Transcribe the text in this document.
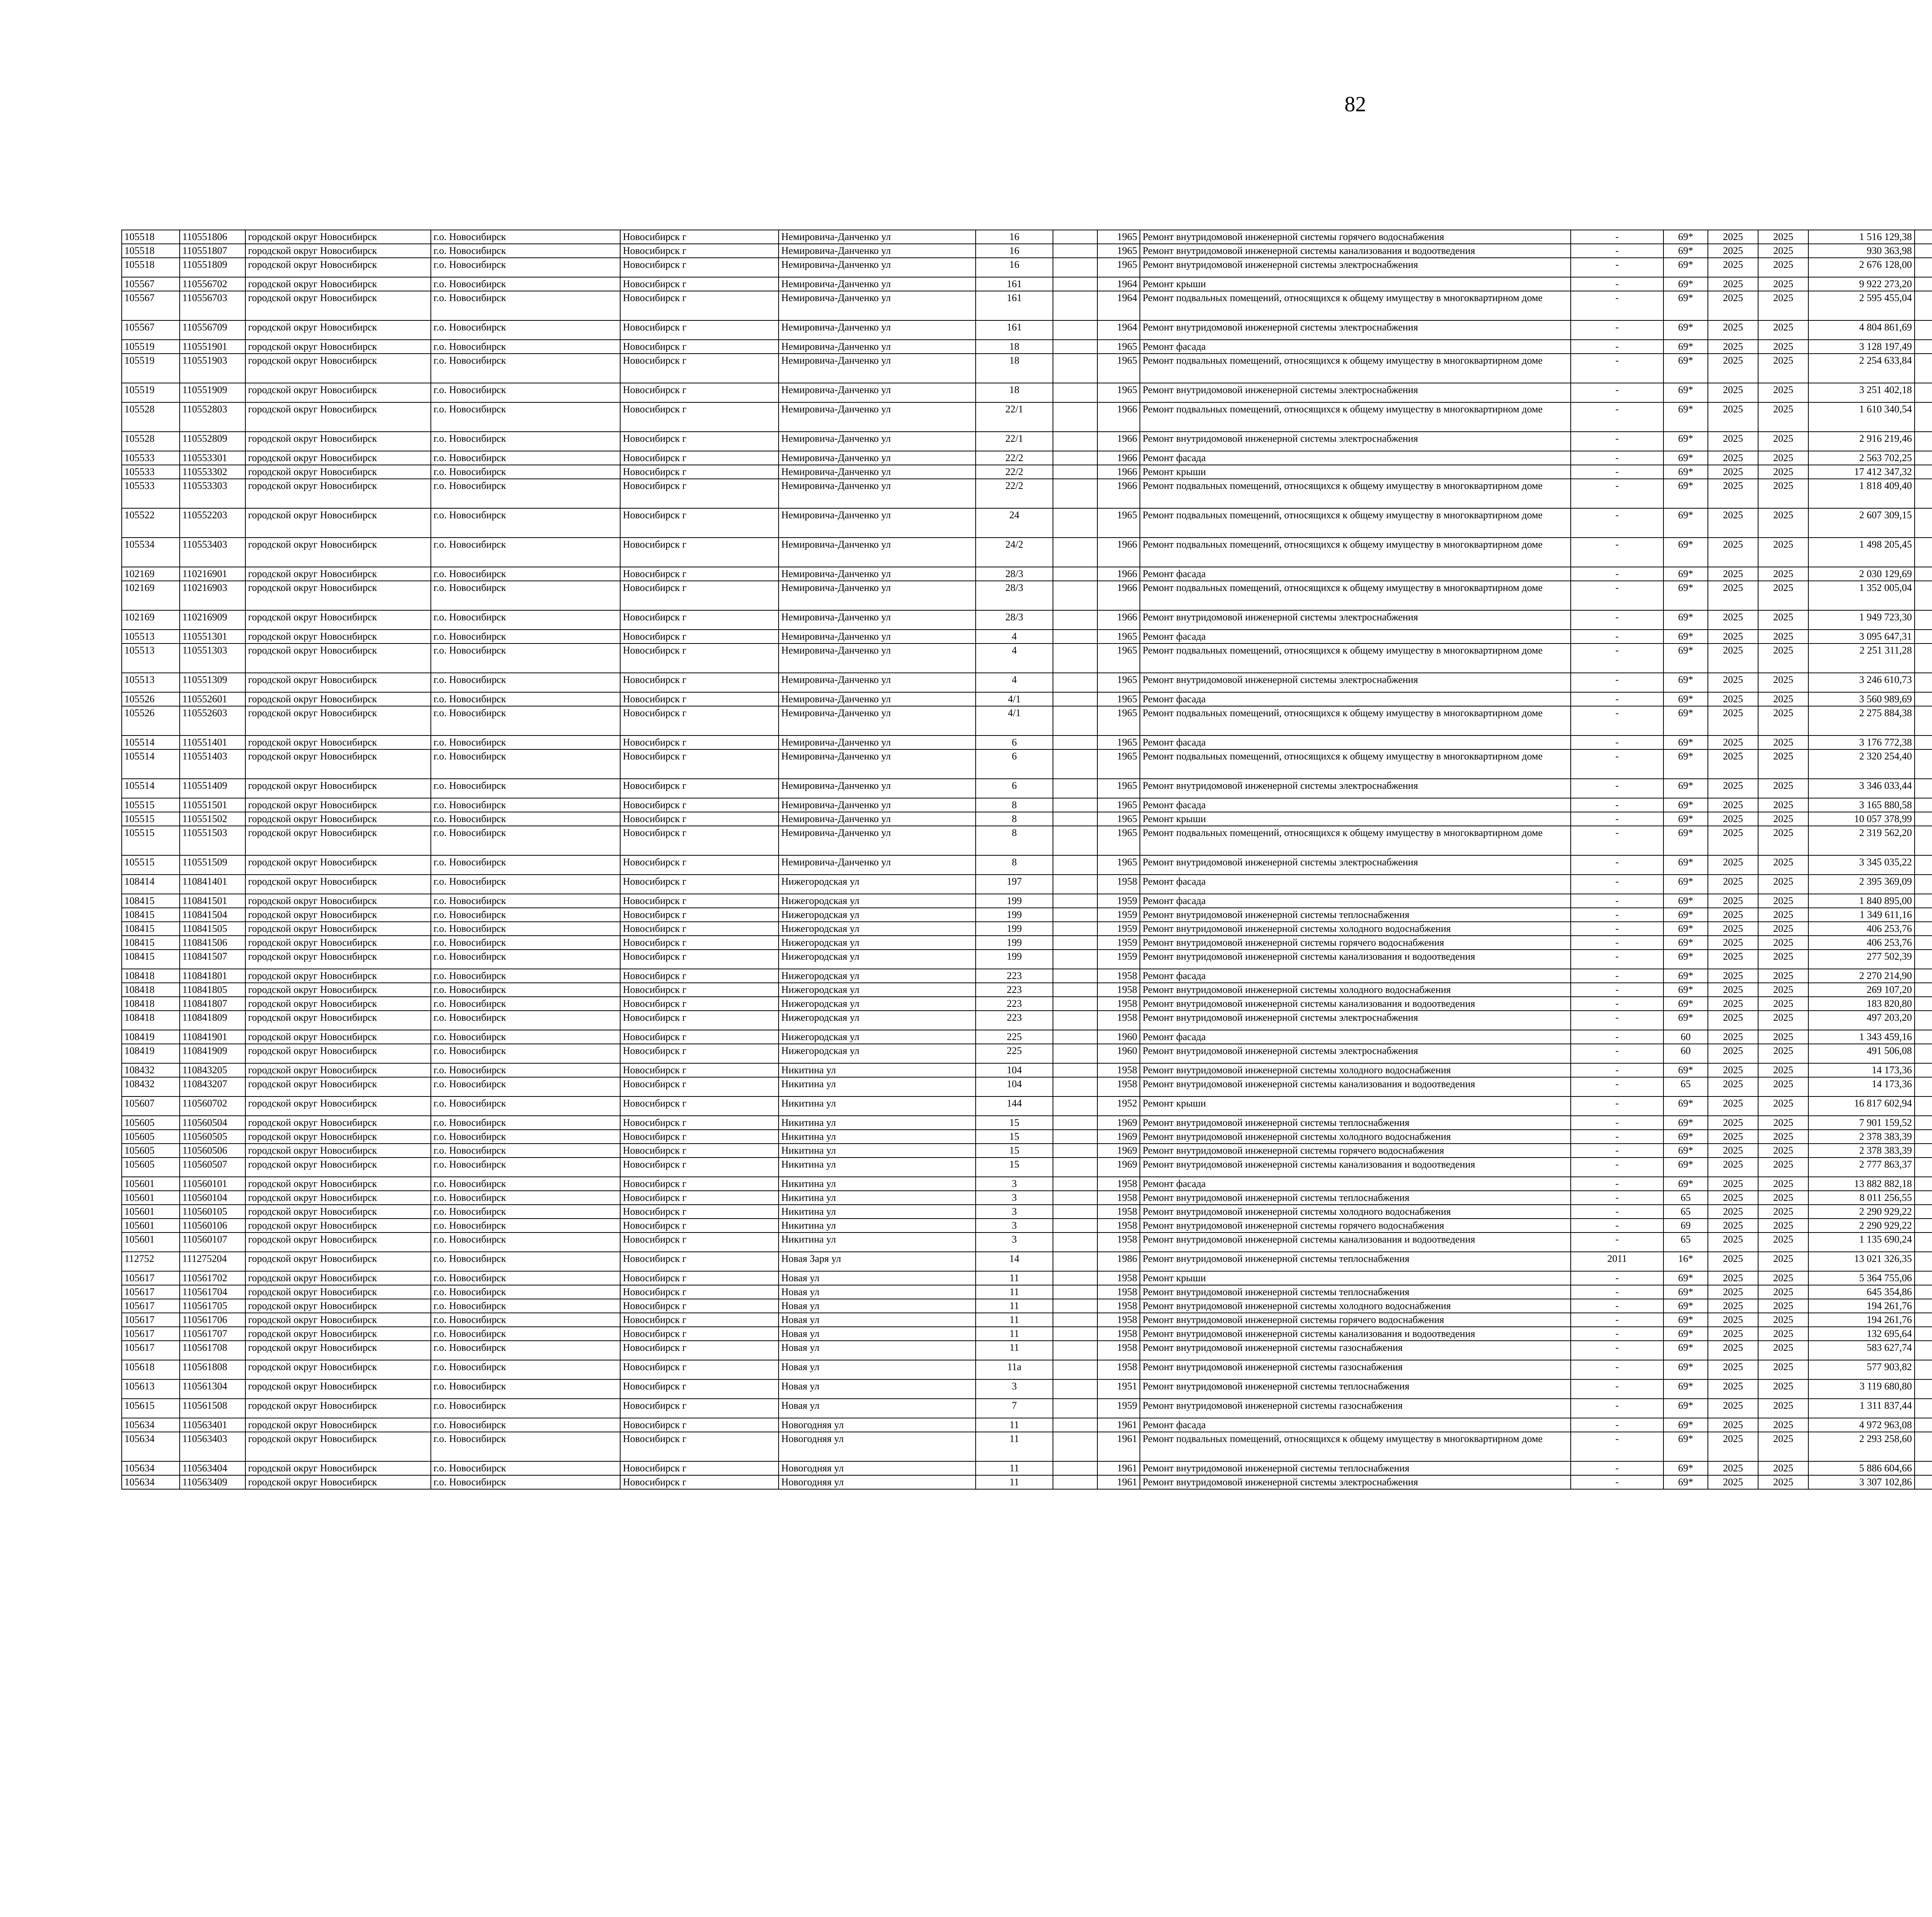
82
105518	110551806	городской округ Новосибирск	г.о. Новосибирск	Новосибирск г	Немировича-Данченко ул	16		1965	Ремонт внутридомовой инженерной системы горячего водоснабжения	-	69*	2025	2025	1 516 129,38						
105518	110551807	городской округ Новосибирск	г.о. Новосибирск	Новосибирск г	Немировича-Данченко ул	16		1965	Ремонт внутридомовой инженерной системы канализования и водоотведения	-	69*	2025	2025	930 363,98						
105518	110551809	городской округ Новосибирск	г.о. Новосибирск	Новосибирск г	Немировича-Данченко ул	16		1965	Ремонт внутридомовой инженерной системы электроснабжения	-	69*	2025	2025	2 676 128,00						
105567	110556702	городской округ Новосибирск	г.о. Новосибирск	Новосибирск г	Немировича-Данченко ул	161		1964	Ремонт крыши	-	69*	2025	2025	9 922 273,20						
105567	110556703	городской округ Новосибирск	г.о. Новосибирск	Новосибирск г	Немировича-Данченко ул	161		1964	Ремонт подвальных помещений, относящихся к общему имуществу в многоквартирном доме	-	69*	2025	2025	2 595 455,04						
105567	110556709	городской округ Новосибирск	г.о. Новосибирск	Новосибирск г	Немировича-Данченко ул	161		1964	Ремонт внутридомовой инженерной системы электроснабжения	-	69*	2025	2025	4 804 861,69						
105519	110551901	городской округ Новосибирск	г.о. Новосибирск	Новосибирск г	Немировича-Данченко ул	18		1965	Ремонт фасада	-	69*	2025	2025	3 128 197,49						
105519	110551903	городской округ Новосибирск	г.о. Новосибирск	Новосибирск г	Немировича-Данченко ул	18		1965	Ремонт подвальных помещений, относящихся к общему имуществу в многоквартирном доме	-	69*	2025	2025	2 254 633,84						
105519	110551909	городской округ Новосибирск	г.о. Новосибирск	Новосибирск г	Немировича-Данченко ул	18		1965	Ремонт внутридомовой инженерной системы электроснабжения	-	69*	2025	2025	3 251 402,18						
105528	110552803	городской округ Новосибирск	г.о. Новосибирск	Новосибирск г	Немировича-Данченко ул	22/1		1966	Ремонт подвальных помещений, относящихся к общему имуществу в многоквартирном доме	-	69*	2025	2025	1 610 340,54						
105528	110552809	городской округ Новосибирск	г.о. Новосибирск	Новосибирск г	Немировича-Данченко ул	22/1		1966	Ремонт внутридомовой инженерной системы электроснабжения	-	69*	2025	2025	2 916 219,46						
105533	110553301	городской округ Новосибирск	г.о. Новосибирск	Новосибирск г	Немировича-Данченко ул	22/2		1966	Ремонт фасада	-	69*	2025	2025	2 563 702,25						
105533	110553302	городской округ Новосибирск	г.о. Новосибирск	Новосибирск г	Немировича-Данченко ул	22/2		1966	Ремонт крыши	-	69*	2025	2025	17 412 347,32						
105533	110553303	городской округ Новосибирск	г.о. Новосибирск	Новосибирск г	Немировича-Данченко ул	22/2		1966	Ремонт подвальных помещений, относящихся к общему имуществу в многоквартирном доме	-	69*	2025	2025	1 818 409,40						
105522	110552203	городской округ Новосибирск	г.о. Новосибирск	Новосибирск г	Немировича-Данченко ул	24		1965	Ремонт подвальных помещений, относящихся к общему имуществу в многоквартирном доме	-	69*	2025	2025	2 607 309,15						
105534	110553403	городской округ Новосибирск	г.о. Новосибирск	Новосибирск г	Немировича-Данченко ул	24/2		1966	Ремонт подвальных помещений, относящихся к общему имуществу в многоквартирном доме	-	69*	2025	2025	1 498 205,45						
102169	110216901	городской округ Новосибирск	г.о. Новосибирск	Новосибирск г	Немировича-Данченко ул	28/3		1966	Ремонт фасада	-	69*	2025	2025	2 030 129,69						
102169	110216903	городской округ Новосибирск	г.о. Новосибирск	Новосибирск г	Немировича-Данченко ул	28/3		1966	Ремонт подвальных помещений, относящихся к общему имуществу в многоквартирном доме	-	69*	2025	2025	1 352 005,04						
102169	110216909	городской округ Новосибирск	г.о. Новосибирск	Новосибирск г	Немировича-Данченко ул	28/3		1966	Ремонт внутридомовой инженерной системы электроснабжения	-	69*	2025	2025	1 949 723,30						
105513	110551301	городской округ Новосибирск	г.о. Новосибирск	Новосибирск г	Немировича-Данченко ул	4		1965	Ремонт фасада	-	69*	2025	2025	3 095 647,31						
105513	110551303	городской округ Новосибирск	г.о. Новосибирск	Новосибирск г	Немировича-Данченко ул	4		1965	Ремонт подвальных помещений, относящихся к общему имуществу в многоквартирном доме	-	69*	2025	2025	2 251 311,28						
105513	110551309	городской округ Новосибирск	г.о. Новосибирск	Новосибирск г	Немировича-Данченко ул	4		1965	Ремонт внутридомовой инженерной системы электроснабжения	-	69*	2025	2025	3 246 610,73						
105526	110552601	городской округ Новосибирск	г.о. Новосибирск	Новосибирск г	Немировича-Данченко ул	4/1		1965	Ремонт фасада	-	69*	2025	2025	3 560 989,69						
105526	110552603	городской округ Новосибирск	г.о. Новосибирск	Новосибирск г	Немировича-Данченко ул	4/1		1965	Ремонт подвальных помещений, относящихся к общему имуществу в многоквартирном доме	-	69*	2025	2025	2 275 884,38						
105514	110551401	городской округ Новосибирск	г.о. Новосибирск	Новосибирск г	Немировича-Данченко ул	6		1965	Ремонт фасада	-	69*	2025	2025	3 176 772,38						
105514	110551403	городской округ Новосибирск	г.о. Новосибирск	Новосибирск г	Немировича-Данченко ул	6		1965	Ремонт подвальных помещений, относящихся к общему имуществу в многоквартирном доме	-	69*	2025	2025	2 320 254,40						
105514	110551409	городской округ Новосибирск	г.о. Новосибирск	Новосибирск г	Немировича-Данченко ул	6		1965	Ремонт внутридомовой инженерной системы электроснабжения	-	69*	2025	2025	3 346 033,44						
105515	110551501	городской округ Новосибирск	г.о. Новосибирск	Новосибирск г	Немировича-Данченко ул	8		1965	Ремонт фасада	-	69*	2025	2025	3 165 880,58						
105515	110551502	городской округ Новосибирск	г.о. Новосибирск	Новосибирск г	Немировича-Данченко ул	8		1965	Ремонт крыши	-	69*	2025	2025	10 057 378,99						
105515	110551503	городской округ Новосибирск	г.о. Новосибирск	Новосибирск г	Немировича-Данченко ул	8		1965	Ремонт подвальных помещений, относящихся к общему имуществу в многоквартирном доме	-	69*	2025	2025	2 319 562,20						
105515	110551509	городской округ Новосибирск	г.о. Новосибирск	Новосибирск г	Немировича-Данченко ул	8		1965	Ремонт внутридомовой инженерной системы электроснабжения	-	69*	2025	2025	3 345 035,22						
108414	110841401	городской округ Новосибирск	г.о. Новосибирск	Новосибирск г	Нижегородская ул	197		1958	Ремонт фасада	-	69*	2025	2025	2 395 369,09						
108415	110841501	городской округ Новосибирск	г.о. Новосибирск	Новосибирск г	Нижегородская ул	199		1959	Ремонт фасада	-	69*	2025	2025	1 840 895,00						
108415	110841504	городской округ Новосибирск	г.о. Новосибирск	Новосибирск г	Нижегородская ул	199		1959	Ремонт внутридомовой инженерной системы теплоснабжения	-	69*	2025	2025	1 349 611,16						
108415	110841505	городской округ Новосибирск	г.о. Новосибирск	Новосибирск г	Нижегородская ул	199		1959	Ремонт внутридомовой инженерной системы холодного водоснабжения	-	69*	2025	2025	406 253,76						
108415	110841506	городской округ Новосибирск	г.о. Новосибирск	Новосибирск г	Нижегородская ул	199		1959	Ремонт внутридомовой инженерной системы горячего водоснабжения	-	69*	2025	2025	406 253,76						
108415	110841507	городской округ Новосибирск	г.о. Новосибирск	Новосибирск г	Нижегородская ул	199		1959	Ремонт внутридомовой инженерной системы канализования и водоотведения	-	69*	2025	2025	277 502,39						
108418	110841801	городской округ Новосибирск	г.о. Новосибирск	Новосибирск г	Нижегородская ул	223		1958	Ремонт фасада	-	69*	2025	2025	2 270 214,90						
108418	110841805	городской округ Новосибирск	г.о. Новосибирск	Новосибирск г	Нижегородская ул	223		1958	Ремонт внутридомовой инженерной системы холодного водоснабжения	-	69*	2025	2025	269 107,20						
108418	110841807	городской округ Новосибирск	г.о. Новосибирск	Новосибирск г	Нижегородская ул	223		1958	Ремонт внутридомовой инженерной системы канализования и водоотведения	-	69*	2025	2025	183 820,80						
108418	110841809	городской округ Новосибирск	г.о. Новосибирск	Новосибирск г	Нижегородская ул	223		1958	Ремонт внутридомовой инженерной системы электроснабжения	-	69*	2025	2025	497 203,20						
108419	110841901	городской округ Новосибирск	г.о. Новосибирск	Новосибирск г	Нижегородская ул	225		1960	Ремонт фасада	-	60	2025	2025	1 343 459,16						
108419	110841909	городской округ Новосибирск	г.о. Новосибирск	Новосибирск г	Нижегородская ул	225		1960	Ремонт внутридомовой инженерной системы электроснабжения	-	60	2025	2025	491 506,08						
108432	110843205	городской округ Новосибирск	г.о. Новосибирск	Новосибирск г	Никитина ул	104		1958	Ремонт внутридомовой инженерной системы холодного водоснабжения	-	69*	2025	2025	14 173,36						
108432	110843207	городской округ Новосибирск	г.о. Новосибирск	Новосибирск г	Никитина ул	104		1958	Ремонт внутридомовой инженерной системы канализования и водоотведения	-	65	2025	2025	14 173,36						
105607	110560702	городской округ Новосибирск	г.о. Новосибирск	Новосибирск г	Никитина ул	144		1952	Ремонт крыши	-	69*	2025	2025	16 817 602,94						
105605	110560504	городской округ Новосибирск	г.о. Новосибирск	Новосибирск г	Никитина ул	15		1969	Ремонт внутридомовой инженерной системы теплоснабжения	-	69*	2025	2025	7 901 159,52						
105605	110560505	городской округ Новосибирск	г.о. Новосибирск	Новосибирск г	Никитина ул	15		1969	Ремонт внутридомовой инженерной системы холодного водоснабжения	-	69*	2025	2025	2 378 383,39						
105605	110560506	городской округ Новосибирск	г.о. Новосибирск	Новосибирск г	Никитина ул	15		1969	Ремонт внутридомовой инженерной системы горячего водоснабжения	-	69*	2025	2025	2 378 383,39						
105605	110560507	городской округ Новосибирск	г.о. Новосибирск	Новосибирск г	Никитина ул	15		1969	Ремонт внутридомовой инженерной системы канализования и водоотведения	-	69*	2025	2025	2 777 863,37						
105601	110560101	городской округ Новосибирск	г.о. Новосибирск	Новосибирск г	Никитина ул	3		1958	Ремонт фасада	-	69*	2025	2025	13 882 882,18						
105601	110560104	городской округ Новосибирск	г.о. Новосибирск	Новосибирск г	Никитина ул	3		1958	Ремонт внутридомовой инженерной системы теплоснабжения	-	65	2025	2025	8 011 256,55						
105601	110560105	городской округ Новосибирск	г.о. Новосибирск	Новосибирск г	Никитина ул	3		1958	Ремонт внутридомовой инженерной системы холодного водоснабжения	-	65	2025	2025	2 290 929,22						
105601	110560106	городской округ Новосибирск	г.о. Новосибирск	Новосибирск г	Никитина ул	3		1958	Ремонт внутридомовой инженерной системы горячего водоснабжения	-	69	2025	2025	2 290 929,22						
105601	110560107	городской округ Новосибирск	г.о. Новосибирск	Новосибирск г	Никитина ул	3		1958	Ремонт внутридомовой инженерной системы канализования и водоотведения	-	65	2025	2025	1 135 690,24						
112752	111275204	городской округ Новосибирск	г.о. Новосибирск	Новосибирск г	Новая Заря ул	14		1986	Ремонт внутридомовой инженерной системы теплоснабжения	2011	16*	2025	2025	13 021 326,35						
105617	110561702	городской округ Новосибирск	г.о. Новосибирск	Новосибирск г	Новая ул	11		1958	Ремонт крыши	-	69*	2025	2025	5 364 755,06						
105617	110561704	городской округ Новосибирск	г.о. Новосибирск	Новосибирск г	Новая ул	11		1958	Ремонт внутридомовой инженерной системы теплоснабжения	-	69*	2025	2025	645 354,86						
105617	110561705	городской округ Новосибирск	г.о. Новосибирск	Новосибирск г	Новая ул	11		1958	Ремонт внутридомовой инженерной системы холодного водоснабжения	-	69*	2025	2025	194 261,76						
105617	110561706	городской округ Новосибирск	г.о. Новосибирск	Новосибирск г	Новая ул	11		1958	Ремонт внутридомовой инженерной системы горячего водоснабжения	-	69*	2025	2025	194 261,76						
105617	110561707	городской округ Новосибирск	г.о. Новосибирск	Новосибирск г	Новая ул	11		1958	Ремонт внутридомовой инженерной системы канализования и водоотведения	-	69*	2025	2025	132 695,64						
105617	110561708	городской округ Новосибирск	г.о. Новосибирск	Новосибирск г	Новая ул	11		1958	Ремонт внутридомовой инженерной системы газоснабжения	-	69*	2025	2025	583 627,74						
105618	110561808	городской округ Новосибирск	г.о. Новосибирск	Новосибирск г	Новая ул	11а		1958	Ремонт внутридомовой инженерной системы газоснабжения	-	69*	2025	2025	577 903,82						
105613	110561304	городской округ Новосибирск	г.о. Новосибирск	Новосибирск г	Новая ул	3		1951	Ремонт внутридомовой инженерной системы теплоснабжения	-	69*	2025	2025	3 119 680,80						
105615	110561508	городской округ Новосибирск	г.о. Новосибирск	Новосибирск г	Новая ул	7		1959	Ремонт внутридомовой инженерной системы газоснабжения	-	69*	2025	2025	1 311 837,44						
105634	110563401	городской округ Новосибирск	г.о. Новосибирск	Новосибирск г	Новогодняя ул	11		1961	Ремонт фасада	-	69*	2025	2025	4 972 963,08						
105634	110563403	городской округ Новосибирск	г.о. Новосибирск	Новосибирск г	Новогодняя ул	11		1961	Ремонт подвальных помещений, относящихся к общему имуществу в многоквартирном доме	-	69*	2025	2025	2 293 258,60						
105634	110563404	городской округ Новосибирск	г.о. Новосибирск	Новосибирск г	Новогодняя ул	11		1961	Ремонт внутридомовой инженерной системы теплоснабжения	-	69*	2025	2025	5 886 604,66						
105634	110563409	городской округ Новосибирск	г.о. Новосибирск	Новосибирск г	Новогодняя ул	11		1961	Ремонт внутридомовой инженерной системы электроснабжения	-	69*	2025	2025	3 307 102,86						
